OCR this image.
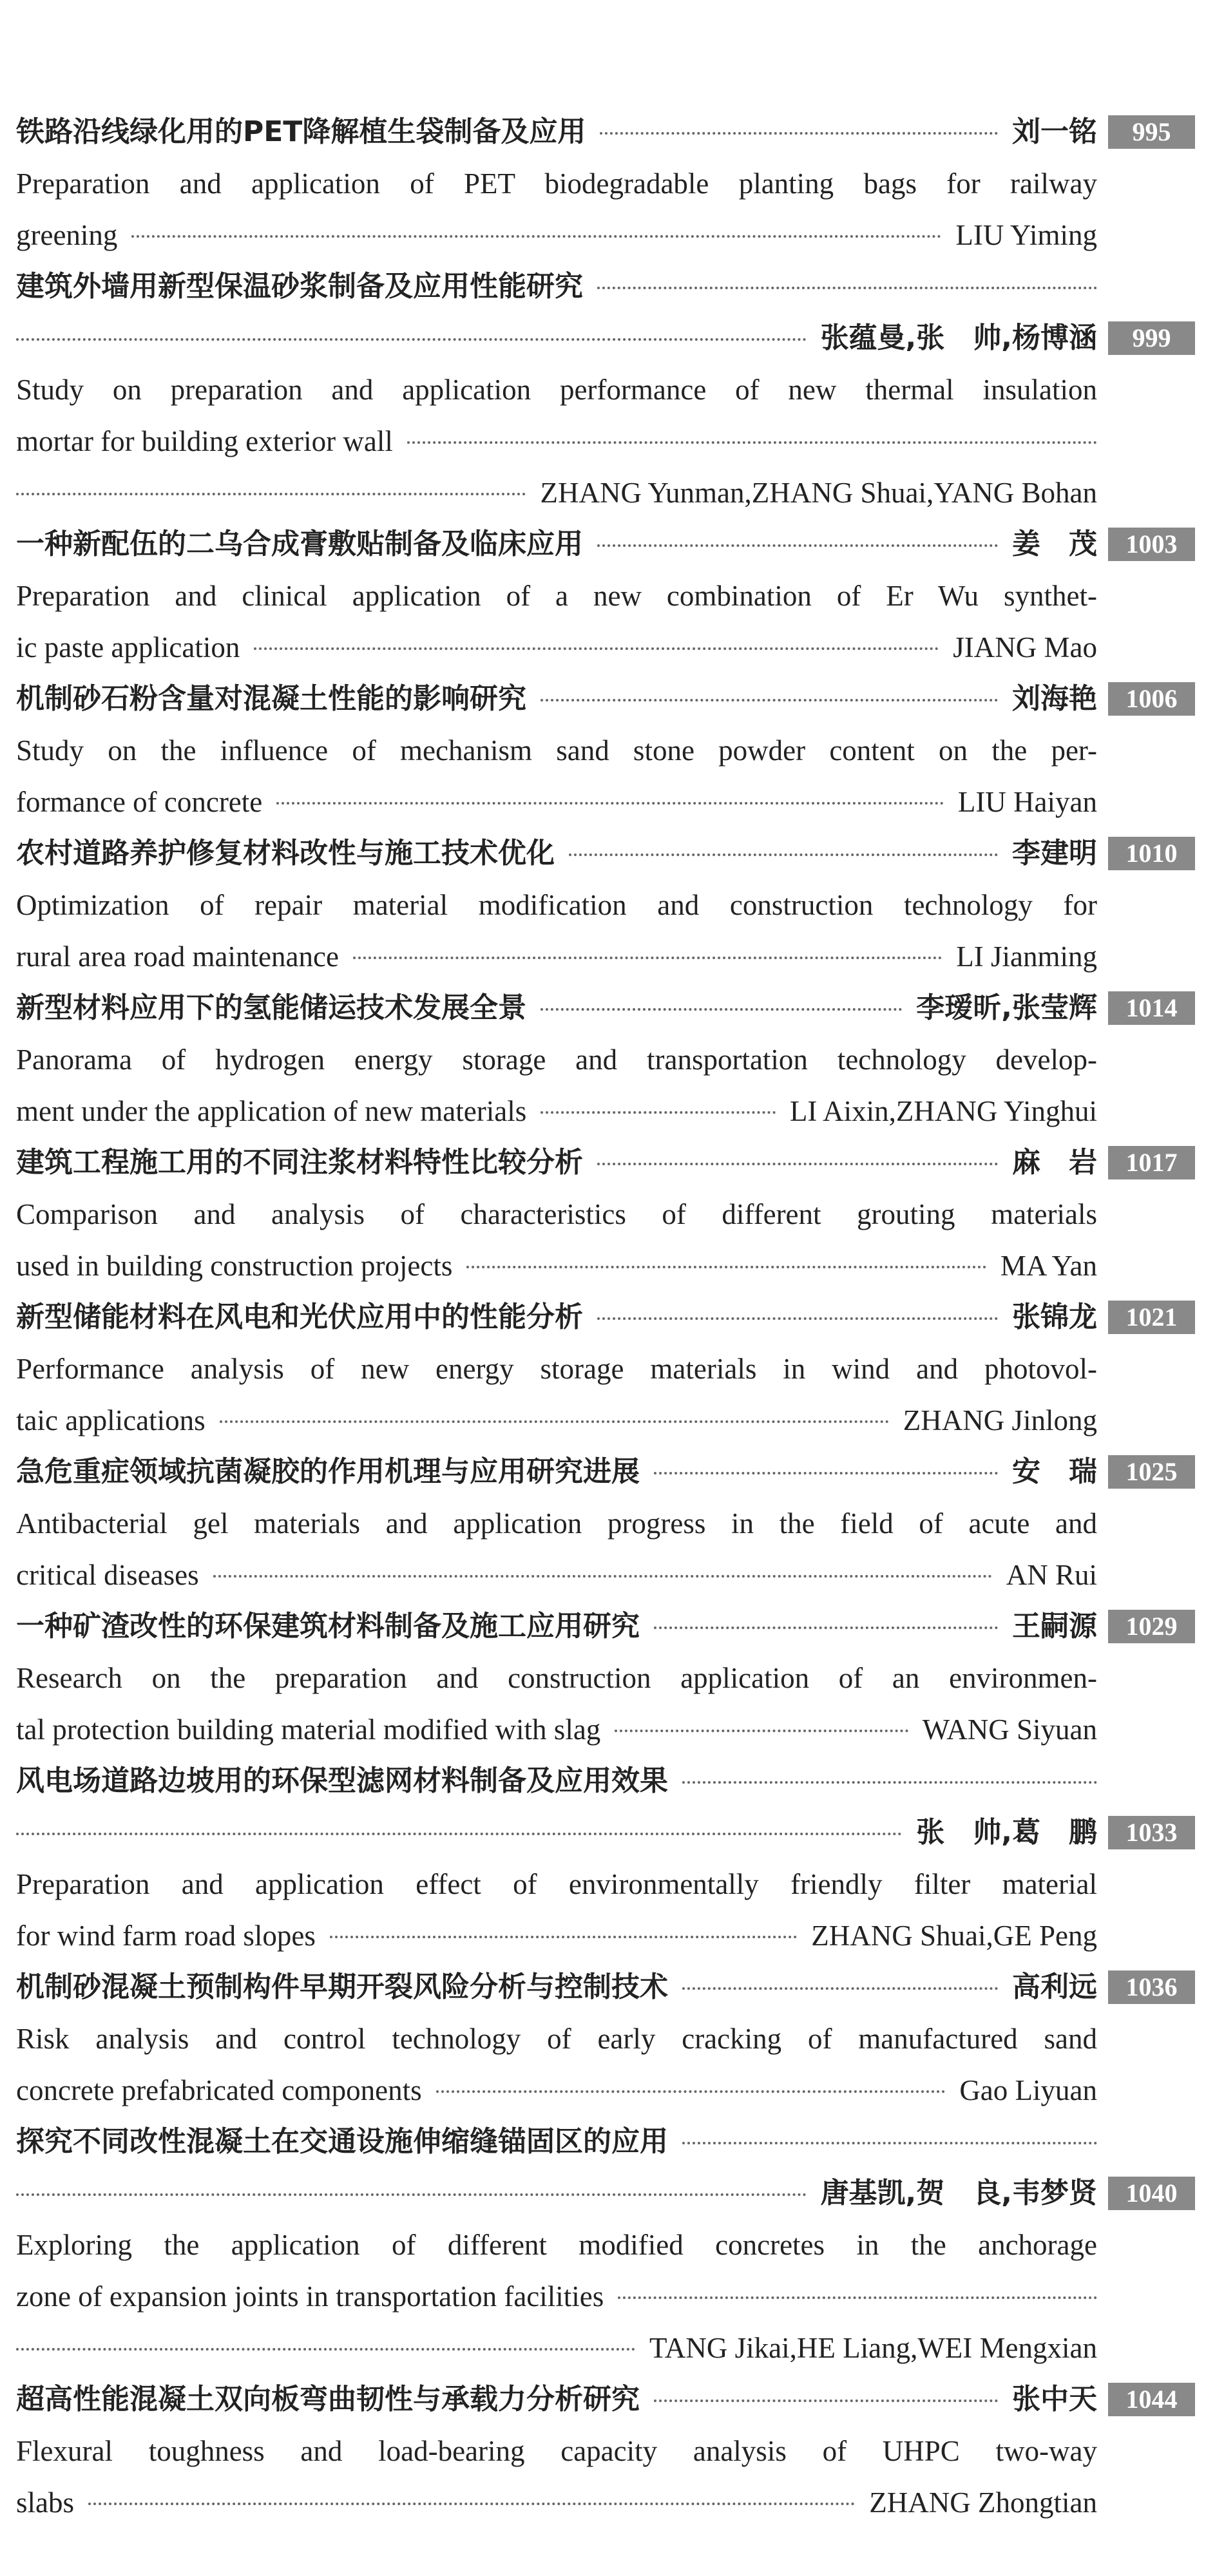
铁路沿线绿化用的PET降解植生袋制备及应用	刘一铭	995
Preparation and application of PET biodegradable planting bags for railway
greening	LIU Yiming
建筑外墙用新型保温砂浆制备及应用性能研究
张蕴曼,张　帅,杨博涵	999
Study on preparation and application performance of new thermal insulation
mortar for building exterior wall
ZHANG Yunman,ZHANG Shuai,YANG Bohan
一种新配伍的二乌合成膏敷贴制备及临床应用	姜　茂	1003
Preparation and clinical application of a new combination of Er Wu synthet-
ic paste application	JIANG Mao
机制砂石粉含量对混凝土性能的影响研究	刘海艳	1006
Study on the influence of mechanism sand stone powder content on the per-
formance of concrete	LIU Haiyan
农村道路养护修复材料改性与施工技术优化	李建明	1010
Optimization of repair material modification and construction technology for
rural area road maintenance	LI Jianming
新型材料应用下的氢能储运技术发展全景	李瑷昕,张莹辉	1014
Panorama of hydrogen energy storage and transportation technology develop-
ment under the application of new materials	LI Aixin,ZHANG Yinghui
建筑工程施工用的不同注浆材料特性比较分析	麻　岩	1017
Comparison and analysis of characteristics of different grouting materials
used in building construction projects	MA Yan
新型储能材料在风电和光伏应用中的性能分析	张锦龙	1021
Performance analysis of new energy storage materials in wind and photovol-
taic applications	ZHANG Jinlong
急危重症领域抗菌凝胶的作用机理与应用研究进展	安　瑞	1025
Antibacterial gel materials and application progress in the field of acute and
critical diseases	AN Rui
一种矿渣改性的环保建筑材料制备及施工应用研究	王嗣源	1029
Research on the preparation and construction application of an environmen-
tal protection building material modified with slag	WANG Siyuan
风电场道路边坡用的环保型滤网材料制备及应用效果
张　帅,葛　鹏	1033
Preparation and application effect of environmentally friendly filter material
for wind farm road slopes	ZHANG Shuai,GE Peng
机制砂混凝土预制构件早期开裂风险分析与控制技术	高利远	1036
Risk analysis and control technology of early cracking of manufactured sand
concrete prefabricated components	Gao Liyuan
探究不同改性混凝土在交通设施伸缩缝锚固区的应用
唐基凯,贺　良,韦梦贤	1040
Exploring the application of different modified concretes in the anchorage
zone of expansion joints in transportation facilities
TANG Jikai,HE Liang,WEI Mengxian
超高性能混凝土双向板弯曲韧性与承载力分析研究	张中天	1044
Flexural toughness and load-bearing capacity analysis of UHPC two-way
slabs	ZHANG Zhongtian
